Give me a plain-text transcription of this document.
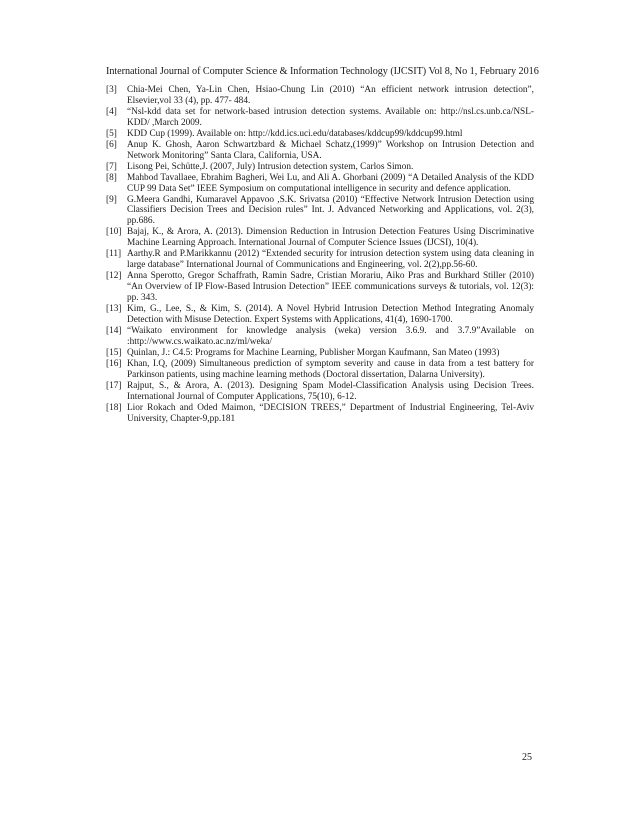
International Journal of Computer Science & Information Technology (IJCSIT) Vol 8, No 1, February 2016
[3] Chia-Mei Chen, Ya-Lin Chen, Hsiao-Chung Lin (2010) “An efficient network intrusion detection”, Elsevier,vol 33 (4), pp. 477- 484.
[4] “Nsl-kdd data set for network-based intrusion detection systems. Available on: http://nsl.cs.unb.ca/NSL-KDD/ ,March 2009.
[5] KDD Cup (1999). Available on: http://kdd.ics.uci.edu/databases/kddcup99/kddcup99.html
[6] Anup K. Ghosh, Aaron Schwartzbard & Michael Schatz,(1999)” Workshop on Intrusion Detection and Network Monitoring” Santa Clara, California, USA.
[7] Lisong Pei, Schütte,J. (2007, July) Intrusion detection system, Carlos Simon.
[8] Mahbod Tavallaee, Ebrahim Bagheri, Wei Lu, and Ali A. Ghorbani (2009) “A Detailed Analysis of the KDD CUP 99 Data Set” IEEE Symposium on computational intelligence in security and defence application.
[9] G.Meera Gandhi, Kumaravel Appavoo ,S.K. Srivatsa (2010) “Effective Network Intrusion Detection using Classifiers Decision Trees and Decision rules” Int. J. Advanced Networking and Applications, vol. 2(3), pp.686.
[10] Bajaj, K., & Arora, A. (2013). Dimension Reduction in Intrusion Detection Features Using Discriminative Machine Learning Approach. International Journal of Computer Science Issues (IJCSI), 10(4).
[11] Aarthy.R and P.Marikkannu (2012) “Extended security for intrusion detection system using data cleaning in large database” International Journal of Communications and Engineering, vol. 2(2),pp.56-60.
[12] Anna Sperotto, Gregor Schaffrath, Ramin Sadre, Cristian Morariu, Aiko Pras and Burkhard Stiller (2010) “An Overview of IP Flow-Based Intrusion Detection” IEEE communications surveys & tutorials, vol. 12(3): pp. 343.
[13] Kim, G., Lee, S., & Kim, S. (2014). A Novel Hybrid Intrusion Detection Method Integrating Anomaly Detection with Misuse Detection. Expert Systems with Applications, 41(4), 1690-1700.
[14] “Waikato environment for knowledge analysis (weka) version 3.6.9. and 3.7.9”Available on :http://www.cs.waikato.ac.nz/ml/weka/
[15] Quinlan, J.: C4.5: Programs for Machine Learning, Publisher Morgan Kaufmann, San Mateo (1993)
[16] Khan, I.Q, (2009) Simultaneous prediction of symptom severity and cause in data from a test battery for Parkinson patients, using machine learning methods (Doctoral dissertation, Dalarna University).
[17] Rajput, S., & Arora, A. (2013). Designing Spam Model-Classification Analysis using Decision Trees. International Journal of Computer Applications, 75(10), 6-12.
[18] Lior Rokach and Oded Maimon, “DECISION TREES,” Department of Industrial Engineering, Tel-Aviv University, Chapter-9,pp.181
25
